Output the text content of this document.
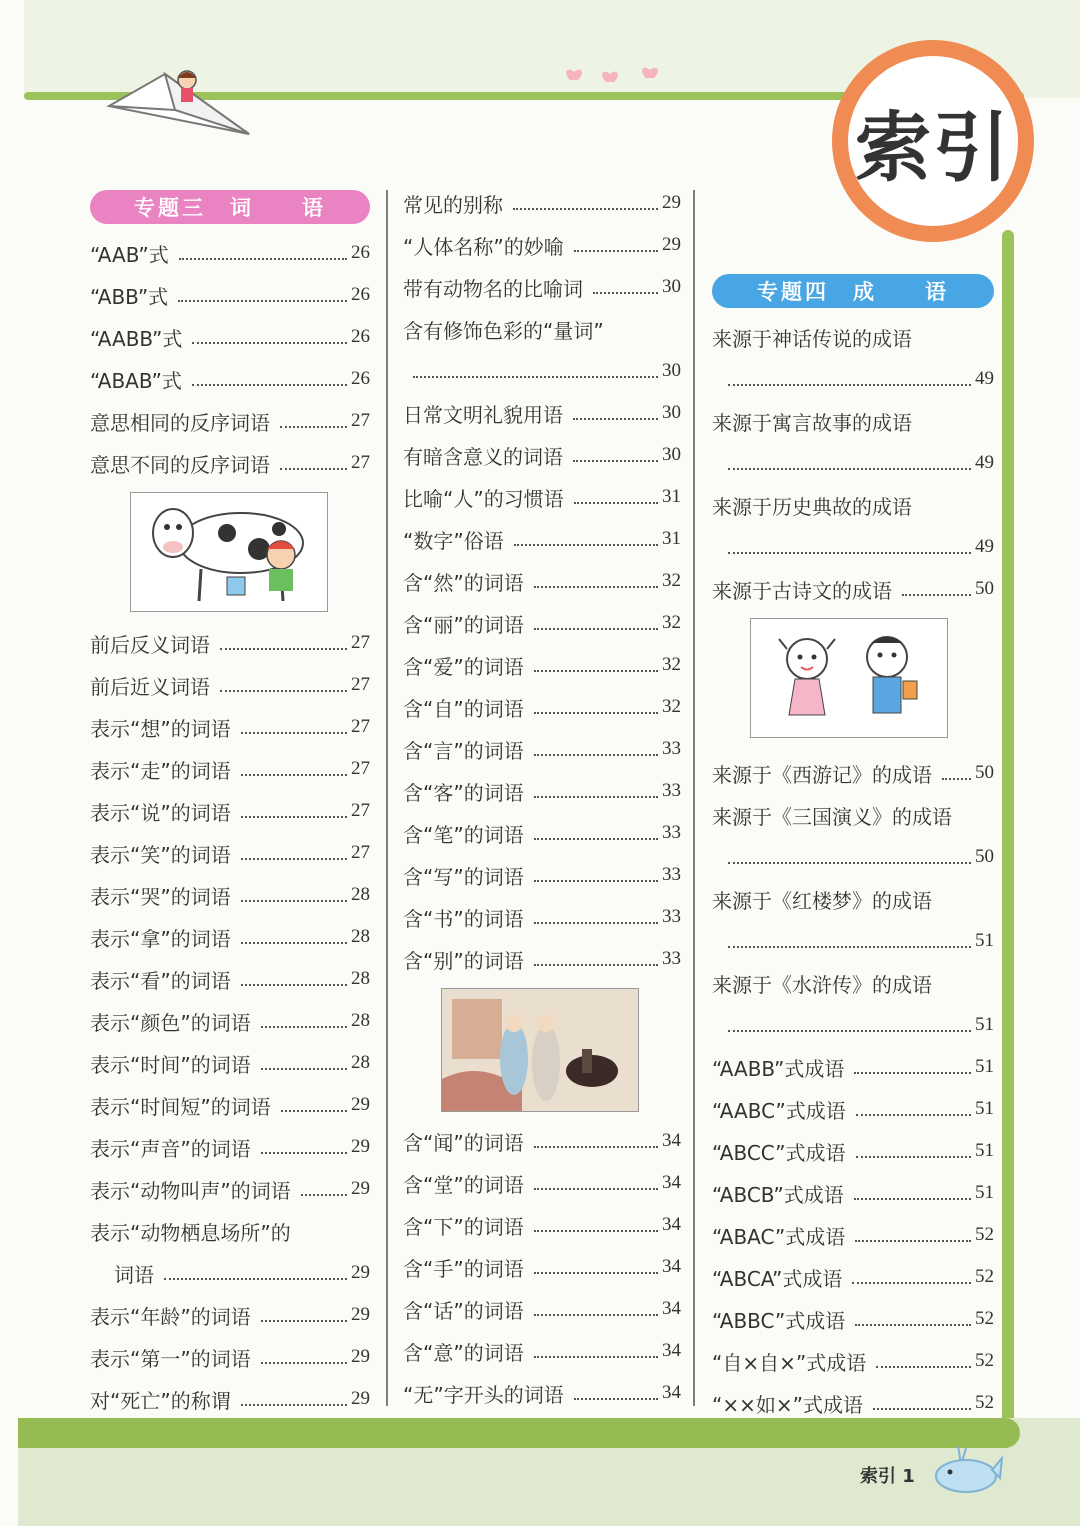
索引
专题三　词　　语
“AAB”式	26
“ABB”式	26
“AABB”式	26
“ABAB”式	26
意思相同的反序词语	27
意思不同的反序词语	27
前后反义词语	27
前后近义词语	27
表示“想”的词语	27
表示“走”的词语	27
表示“说”的词语	27
表示“笑”的词语	27
表示“哭”的词语	28
表示“拿”的词语	28
表示“看”的词语	28
表示“颜色”的词语	28
表示“时间”的词语	28
表示“时间短”的词语	29
表示“声音”的词语	29
表示“动物叫声”的词语	29
表示“动物栖息场所”的
词语	29
表示“年龄”的词语	29
表示“第一”的词语	29
对“死亡”的称谓	29
常见的别称	29
“人体名称”的妙喻	29
带有动物名的比喻词	30
含有修饰色彩的“量词”
30
日常文明礼貌用语	30
有暗含意义的词语	30
比喻“人”的习惯语	31
“数字”俗语	31
含“然”的词语	32
含“丽”的词语	32
含“爱”的词语	32
含“自”的词语	32
含“言”的词语	33
含“客”的词语	33
含“笔”的词语	33
含“写”的词语	33
含“书”的词语	33
含“别”的词语	33
含“闻”的词语	34
含“堂”的词语	34
含“下”的词语	34
含“手”的词语	34
含“话”的词语	34
含“意”的词语	34
“无”字开头的词语	34
专题四　成　　语
来源于神话传说的成语
49
来源于寓言故事的成语
49
来源于历史典故的成语
49
来源于古诗文的成语	50
来源于《西游记》的成语 50
来源于《三国演义》的成语
50
来源于《红楼梦》的成语
51
来源于《水浒传》的成语
51
“AABB”式成语	51
“AABC”式成语	51
“ABCC”式成语	51
“ABCB”式成语	51
“ABAC”式成语	52
“ABCA”式成语	52
“ABBC”式成语	52
“自×自×”式成语	52
“××如×”式成语	52
索引 1
